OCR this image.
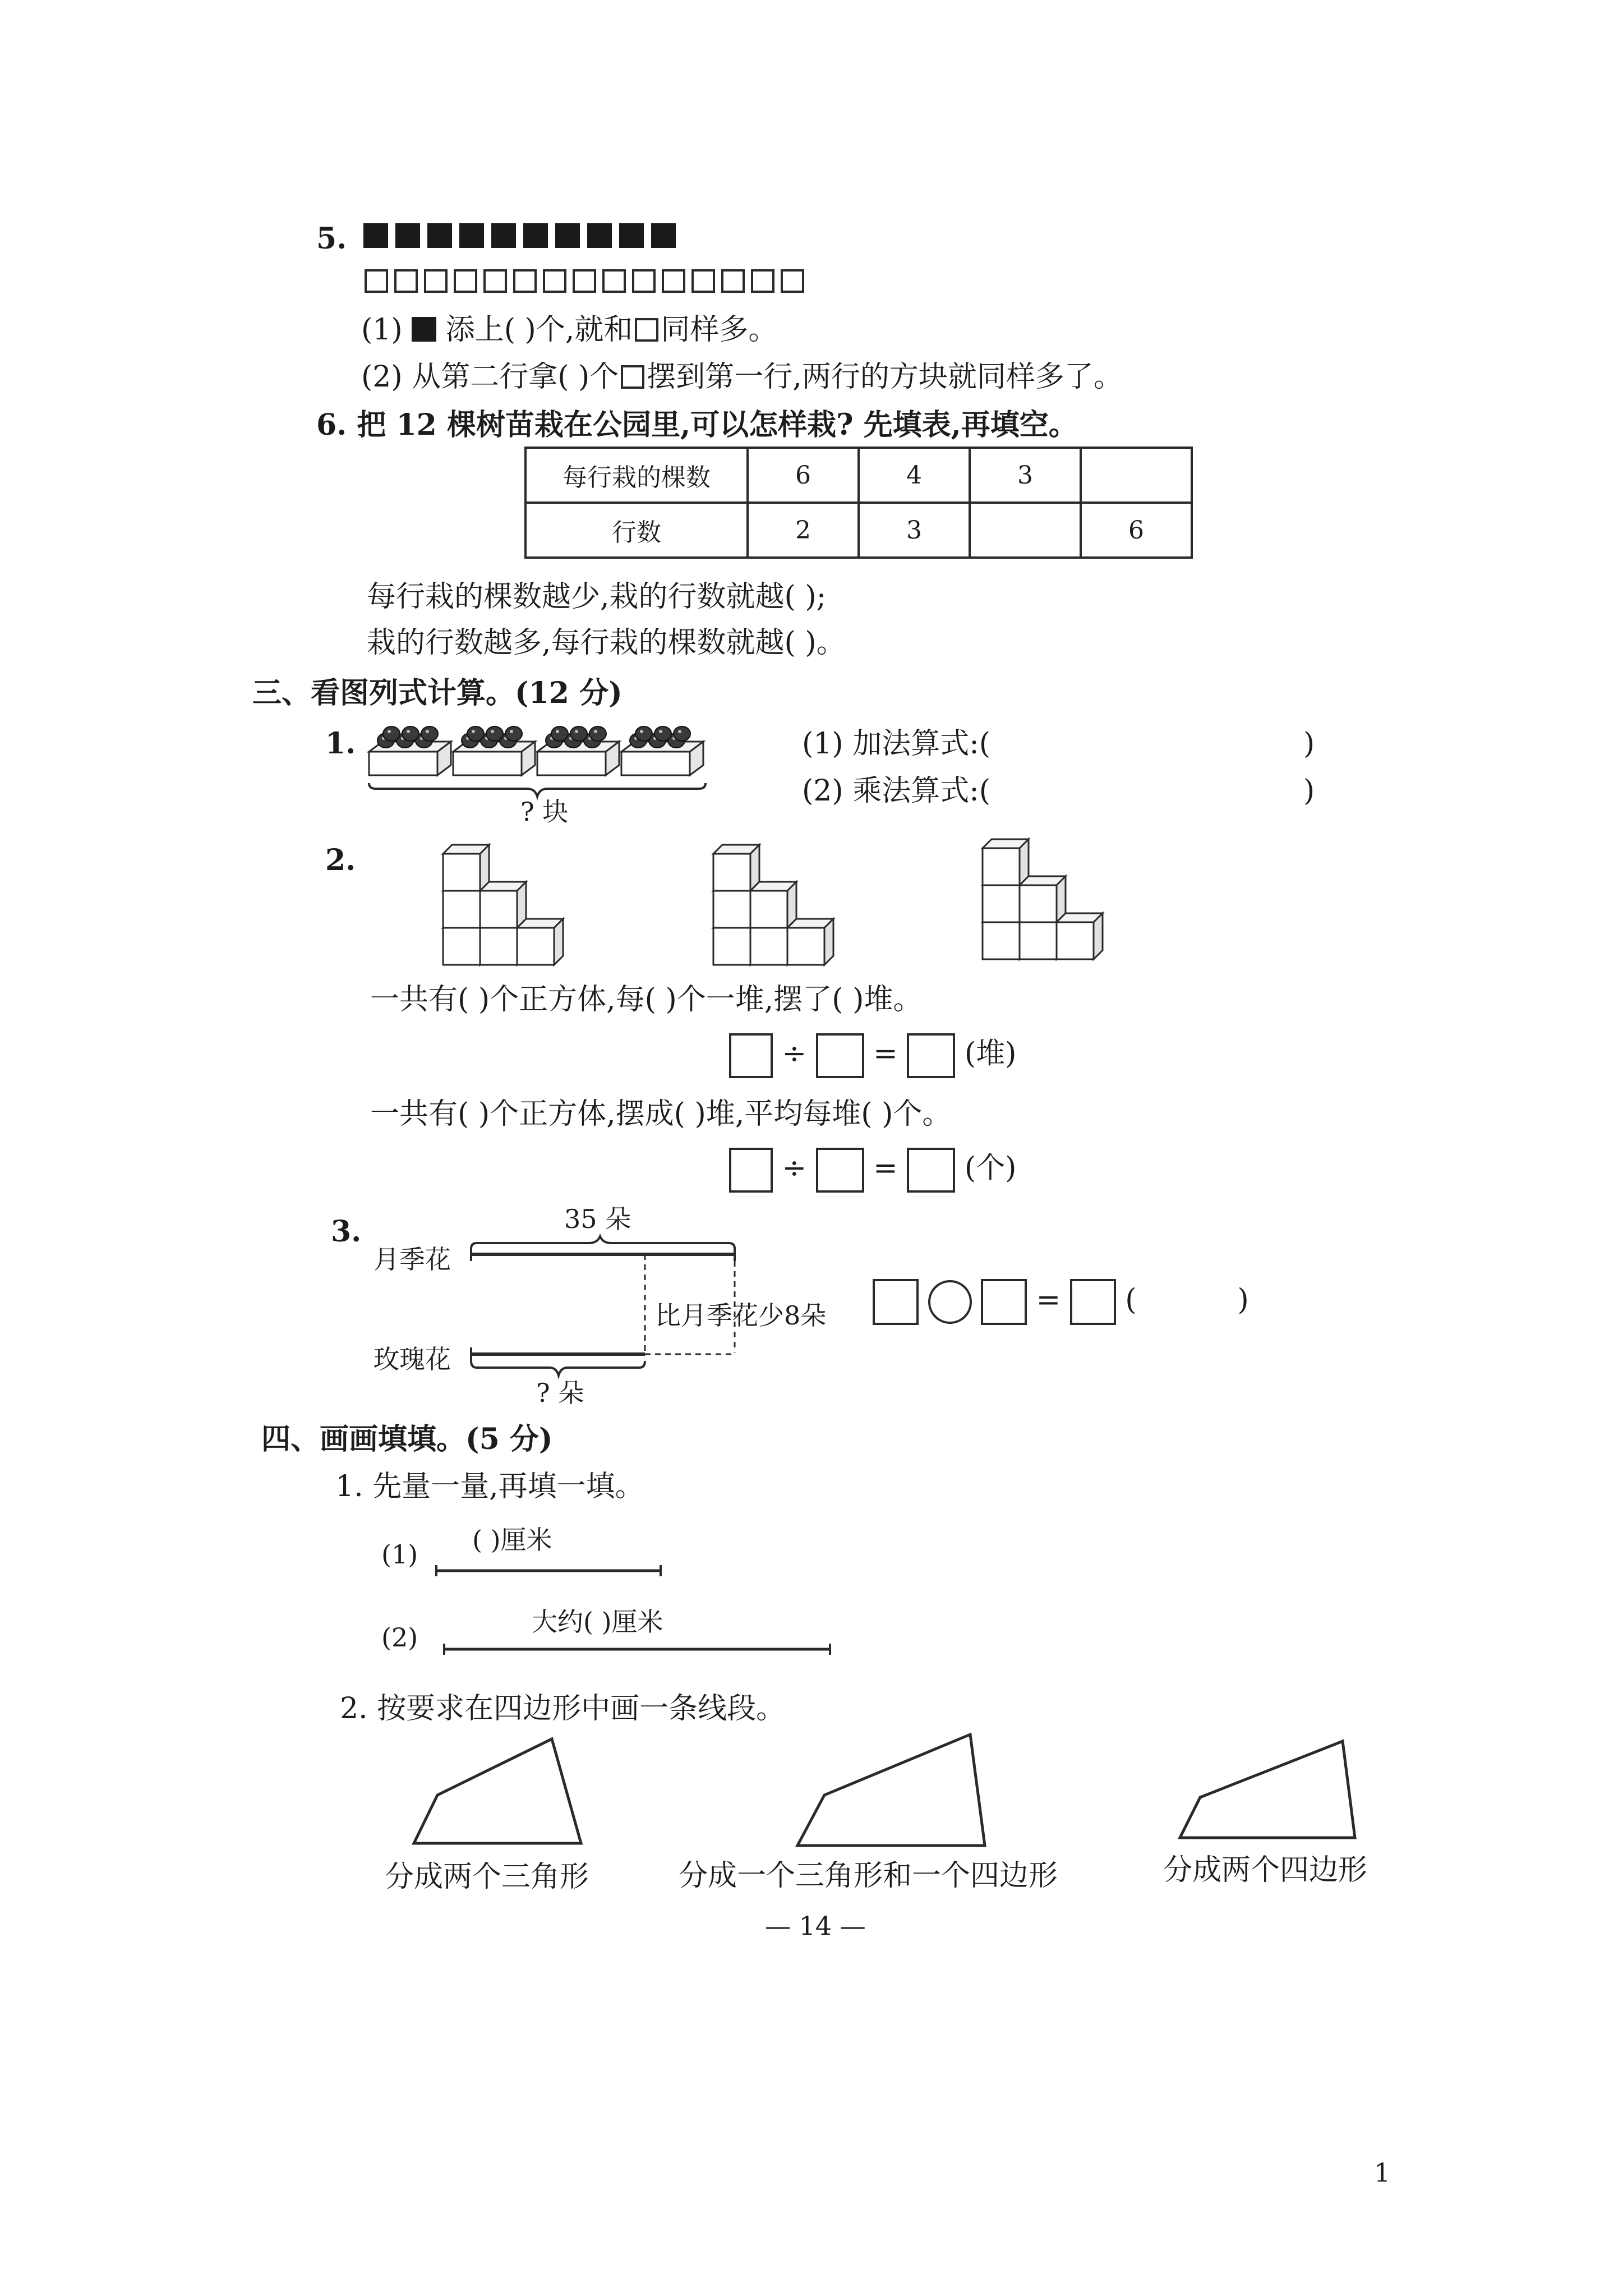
5.
(1)  添上( )个,就和 同样多。
(2) 从第二行拿( )个 摆到第一行,两行的方块就同样多了。
6. 把 12 棵树苗栽在公园里,可以怎样栽? 先填表,再填空。
每行栽的棵数	6	4	3	
行数	2	3		6
每行栽的棵数越少,栽的行数就越( );
栽的行数越多,每行栽的棵数就越( )。
三、看图列式计算。(12 分)
1.
? 块
(1) 加法算式:(	)
(2) 乘法算式:(	)
2.
一共有( )个正方体,每( )个一堆,摆了( )堆。
÷ = (堆)
一共有( )个正方体,摆成( )堆,平均每堆( )个。
÷ = (个)
3.	35 朵
月季花
玫瑰花
比月季花少8朵
? 朵
= (	)
四、画画填填。(5 分)
1. 先量一量,再填一填。
(1) ( )厘米
(2)
大约( )厘米
2. 按要求在四边形中画一条线段。
分成两个三角形	分成一个三角形和一个四边形	分成两个四边形
— 14 —
1
